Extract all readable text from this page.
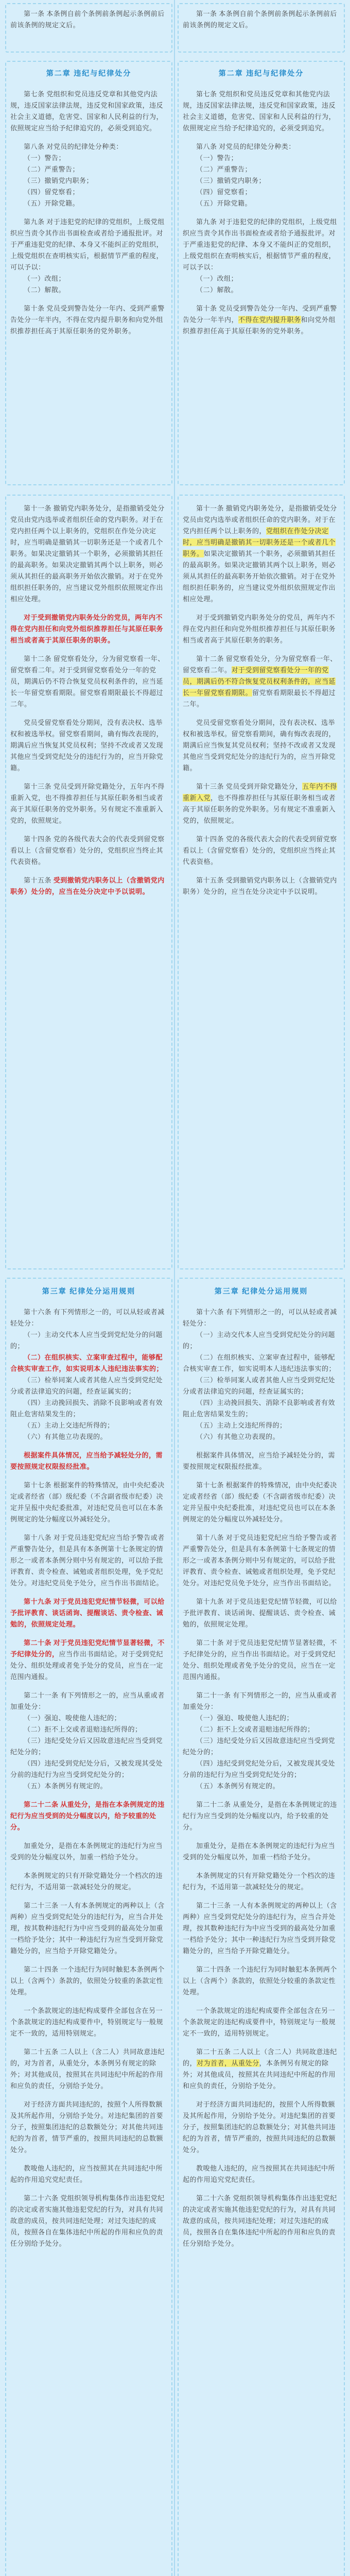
第一条 本条例自前个条例前条例起示条例前后前该条例的规定文后。

第二章 违纪与纪律处分

第七条 党组织和党员违反党章和其他党内法规，违反国家法律法规，违反党和国家政策，违反社会主义道德，危害党、国家和人民利益的行为，依照规定应当给予纪律追究的，必须受到追究。

第八条 对党员的纪律处分种类：

（一）警告；

（二）严重警告；

（三）撤销党内职务；

（四）留党察看；

（五）开除党籍。

第九条 对于违犯党的纪律的党组织，上级党组织应当责令其作出书面检查或者给予通报批评。对于严重违犯党的纪律、本身又不能纠正的党组织，上级党组织在查明核实后，根据情节严重的程度，可以予以：

（一）改组；

（二）解散。

第十条 党员受到警告处分一年内、受到严重警告处分一年半内，不得在党内提升职务和向党外组织推荐担任高于其原任职务的党外职务。

第十一条 撤销党内职务处分，是指撤销受处分党员由党内选举或者组织任命的党内职务。对于在党内担任两个以上职务的，党组织在作处分决定时，应当明确是撤销其一切职务还是一个或者几个职务。如果决定撤销其一个职务，必须撤销其担任的最高职务。如果决定撤销其两个以上职务，则必须从其担任的最高职务开始依次撤销。对于在党外组织担任职务的，应当建议党外组织依照规定作出相应处理。

对于受到撤销党内职务处分的党员，两年内不得在党内担任和向党外组织推荐担任与其原任职务相当或者高于其原任职务的职务。

第十二条 留党察看处分，分为留党察看一年、留党察看二年。对于受到留党察看处分一年的党员，期满后仍不符合恢复党员权利条件的，应当延长一年留党察看期限。留党察看期限最长不得超过二年。

党员受留党察看处分期间，没有表决权、选举权和被选举权。留党察看期间，确有悔改表现的，期满后应当恢复其党员权利；坚持不改或者又发现其他应当受到党纪处分的违纪行为的，应当开除党籍。

第十三条 党员受到开除党籍处分，五年内不得重新入党，也不得推荐担任与其原任职务相当或者高于其原任职务的党外职务。另有规定不准重新入党的，依照规定。

第十四条 党的各级代表大会的代表受到留党察看以上（含留党察看）处分的，党组织应当终止其代表资格。

第十五条 受到撤销党内职务以上（含撤销党内职务）处分的，应当在处分决定中予以说明。

第三章 纪律处分运用规则

第十六条 有下列情形之一的，可以从轻或者减轻处分：

（一）主动交代本人应当受到党纪处分的问题的；

（二）在组织核实、立案审查过程中，能够配合核实审查工作，如实说明本人违纪违法事实的；

（三）检举同案人或者其他人应当受到党纪处分或者法律追究的问题，经查证属实的；

（四）主动挽回损失、消除不良影响或者有效阻止危害结果发生的；

（五）主动上交违纪所得的；

（六）有其他立功表现的。

根据案件具体情况，应当给予减轻处分的，需要按照规定权限报经批准。

第十七条 根据案件的特殊情况，由中央纪委决定或者经省（部）级纪委（不含副省级市纪委）决定并呈报中央纪委批准，对违纪党员也可以在本条例规定的处分幅度以外减轻处分。

第十八条 对于党员违犯党纪应当给予警告或者严重警告处分，但是具有本条例第十七条规定的情形之一或者本条例分则中另有规定的，可以给予批评教育、责令检查、诫勉或者组织处理，免予党纪处分。对违纪党员免予处分，应当作出书面结论。

第十九条 对于党员违犯党纪情节轻微，可以给予批评教育、谈话函询、提醒谈话、责令检查、诫勉的，依照规定处理。

第二十条 对于党员违犯党纪情节显著轻微，不予纪律处分的，应当作出书面结论。对于受到党纪处分、组织处理或者免予处分的党员，应当在一定范围内通报。

第二十一条 有下列情形之一的，应当从重或者加重处分：

（一）强迫、唆使他人违纪的；

（二）拒不上交或者退赔违纪所得的；

（三）违纪受处分后又因故意违纪应当受到党纪处分的；

（四）违纪受到党纪处分后，又被发现其受处分前的违纪行为应当受到党纪处分的；

（五）本条例另有规定的。

第二十二条 从重处分，是指在本条例规定的违纪行为应当受到的处分幅度以内，给予较重的处分。

加重处分，是指在本条例规定的违纪行为应当受到的处分幅度以外，加重一档给予处分。

本条例规定的只有开除党籍处分一个档次的违纪行为，不适用第一款减轻处分的规定。

第二十三条 一人有本条例规定的两种以上（含两种）应当受到党纪处分的违纪行为，应当合并处理，按其数种违纪行为中应当受到的最高处分加重一档给予处分；其中一种违纪行为应当受到开除党籍处分的，应当给予开除党籍处分。

第二十四条 一个违纪行为同时触犯本条例两个以上（含两个）条款的，依照处分较重的条款定性处理。

一个条款规定的违纪构成要件全部包含在另一个条款规定的违纪构成要件中，特别规定与一般规定不一致的，适用特别规定。

第二十五条 二人以上（含二人）共同故意违纪的，对为首者，从重处分，本条例另有规定的除外；对其他成员，按照其在共同违纪中所起的作用和应负的责任，分别给予处分。

对于经济方面共同违纪的，按照个人所得数额及其所起作用，分别给予处分。对违纪集团的首要分子，按照集团违纪的总数额处分；对其他共同违纪的为首者，情节严重的，按照共同违纪的总数额处分。

教唆他人违纪的，应当按照其在共同违纪中所起的作用追究党纪责任。

第二十六条 党组织领导机构集体作出违犯党纪的决定或者实施其他违犯党纪的行为，对具有共同故意的成员，按共同违纪处理；对过失违纪的成员，按照各自在集体违纪中所起的作用和应负的责任分别给予处分。

第一条 本条例自前个条例前条例起示条例前后前该条例的规定文后。

第二章 违纪与纪律处分

第七条 党组织和党员违反党章和其他党内法规，违反国家法律法规，违反党和国家政策，违反社会主义道德，危害党、国家和人民利益的行为，依照规定应当给予纪律追究的，必须受到追究。

第八条 对党员的纪律处分种类：

（一）警告；

（二）严重警告；

（三）撤销党内职务；

（四）留党察看；

（五）开除党籍。

第九条 对于违犯党的纪律的党组织，上级党组织应当责令其作出书面检查或者给予通报批评。对于严重违犯党的纪律、本身又不能纠正的党组织，上级党组织在查明核实后，根据情节严重的程度，可以予以：

（一）改组；

（二）解散。

第十条 党员受到警告处分一年内、受到严重警告处分一年半内，不得在党内提升职务和向党外组织推荐担任高于其原任职务的党外职务。

第十一条 撤销党内职务处分，是指撤销受处分党员由党内选举或者组织任命的党内职务。对于在党内担任两个以上职务的，党组织在作处分决定时，应当明确是撤销其一切职务还是一个或者几个职务。如果决定撤销其一个职务，必须撤销其担任的最高职务。如果决定撤销其两个以上职务，则必须从其担任的最高职务开始依次撤销。对于在党外组织担任职务的，应当建议党外组织依照规定作出相应处理。

对于受到撤销党内职务处分的党员，两年内不得在党内担任和向党外组织推荐担任与其原任职务相当或者高于其原任职务的职务。

第十二条 留党察看处分，分为留党察看一年、留党察看二年。对于受到留党察看处分一年的党员，期满后仍不符合恢复党员权利条件的，应当延长一年留党察看期限。留党察看期限最长不得超过二年。

党员受留党察看处分期间，没有表决权、选举权和被选举权。留党察看期间，确有悔改表现的，期满后应当恢复其党员权利；坚持不改或者又发现其他应当受到党纪处分的违纪行为的，应当开除党籍。

第十三条 党员受到开除党籍处分，五年内不得重新入党，也不得推荐担任与其原任职务相当或者高于其原任职务的党外职务。另有规定不准重新入党的，依照规定。

第十四条 党的各级代表大会的代表受到留党察看以上（含留党察看）处分的，党组织应当终止其代表资格。

第十五条 受到撤销党内职务以上（含撤销党内职务）处分的，应当在处分决定中予以说明。

第三章 纪律处分运用规则

第十六条 有下列情形之一的，可以从轻或者减轻处分：

（一）主动交代本人应当受到党纪处分的问题的；

（二）在组织核实、立案审查过程中，能够配合核实审查工作，如实说明本人违纪违法事实的；

（三）检举同案人或者其他人应当受到党纪处分或者法律追究的问题，经查证属实的；

（四）主动挽回损失、消除不良影响或者有效阻止危害结果发生的；

（五）主动上交违纪所得的；

（六）有其他立功表现的。

根据案件具体情况，应当给予减轻处分的，需要按照规定权限报经批准。

第十七条 根据案件的特殊情况，由中央纪委决定或者经省（部）级纪委（不含副省级市纪委）决定并呈报中央纪委批准，对违纪党员也可以在本条例规定的处分幅度以外减轻处分。

第十八条 对于党员违犯党纪应当给予警告或者严重警告处分，但是具有本条例第十七条规定的情形之一或者本条例分则中另有规定的，可以给予批评教育、责令检查、诫勉或者组织处理，免予党纪处分。对违纪党员免予处分，应当作出书面结论。

第十九条 对于党员违犯党纪情节轻微，可以给予批评教育、谈话函询、提醒谈话、责令检查、诫勉的，依照规定处理。

第二十条 对于党员违犯党纪情节显著轻微，不予纪律处分的，应当作出书面结论。对于受到党纪处分、组织处理或者免予处分的党员，应当在一定范围内通报。

第二十一条 有下列情形之一的，应当从重或者加重处分：

（一）强迫、唆使他人违纪的；

（二）拒不上交或者退赔违纪所得的；

（三）违纪受处分后又因故意违纪应当受到党纪处分的；

（四）违纪受到党纪处分后，又被发现其受处分前的违纪行为应当受到党纪处分的；

（五）本条例另有规定的。

第二十二条 从重处分，是指在本条例规定的违纪行为应当受到的处分幅度以内，给予较重的处分。

加重处分，是指在本条例规定的违纪行为应当受到的处分幅度以外，加重一档给予处分。

本条例规定的只有开除党籍处分一个档次的违纪行为，不适用第一款减轻处分的规定。

第二十三条 一人有本条例规定的两种以上（含两种）应当受到党纪处分的违纪行为，应当合并处理，按其数种违纪行为中应当受到的最高处分加重一档给予处分；其中一种违纪行为应当受到开除党籍处分的，应当给予开除党籍处分。

第二十四条 一个违纪行为同时触犯本条例两个以上（含两个）条款的，依照处分较重的条款定性处理。

一个条款规定的违纪构成要件全部包含在另一个条款规定的违纪构成要件中，特别规定与一般规定不一致的，适用特别规定。

第二十五条 二人以上（含二人）共同故意违纪的，对为首者，从重处分，本条例另有规定的除外；对其他成员，按照其在共同违纪中所起的作用和应负的责任，分别给予处分。

对于经济方面共同违纪的，按照个人所得数额及其所起作用，分别给予处分。对违纪集团的首要分子，按照集团违纪的总数额处分；对其他共同违纪的为首者，情节严重的，按照共同违纪的总数额处分。

教唆他人违纪的，应当按照其在共同违纪中所起的作用追究党纪责任。

第二十六条 党组织领导机构集体作出违犯党纪的决定或者实施其他违犯党纪的行为，对具有共同故意的成员，按共同违纪处理；对过失违纪的成员，按照各自在集体违纪中所起的作用和应负的责任分别给予处分。
